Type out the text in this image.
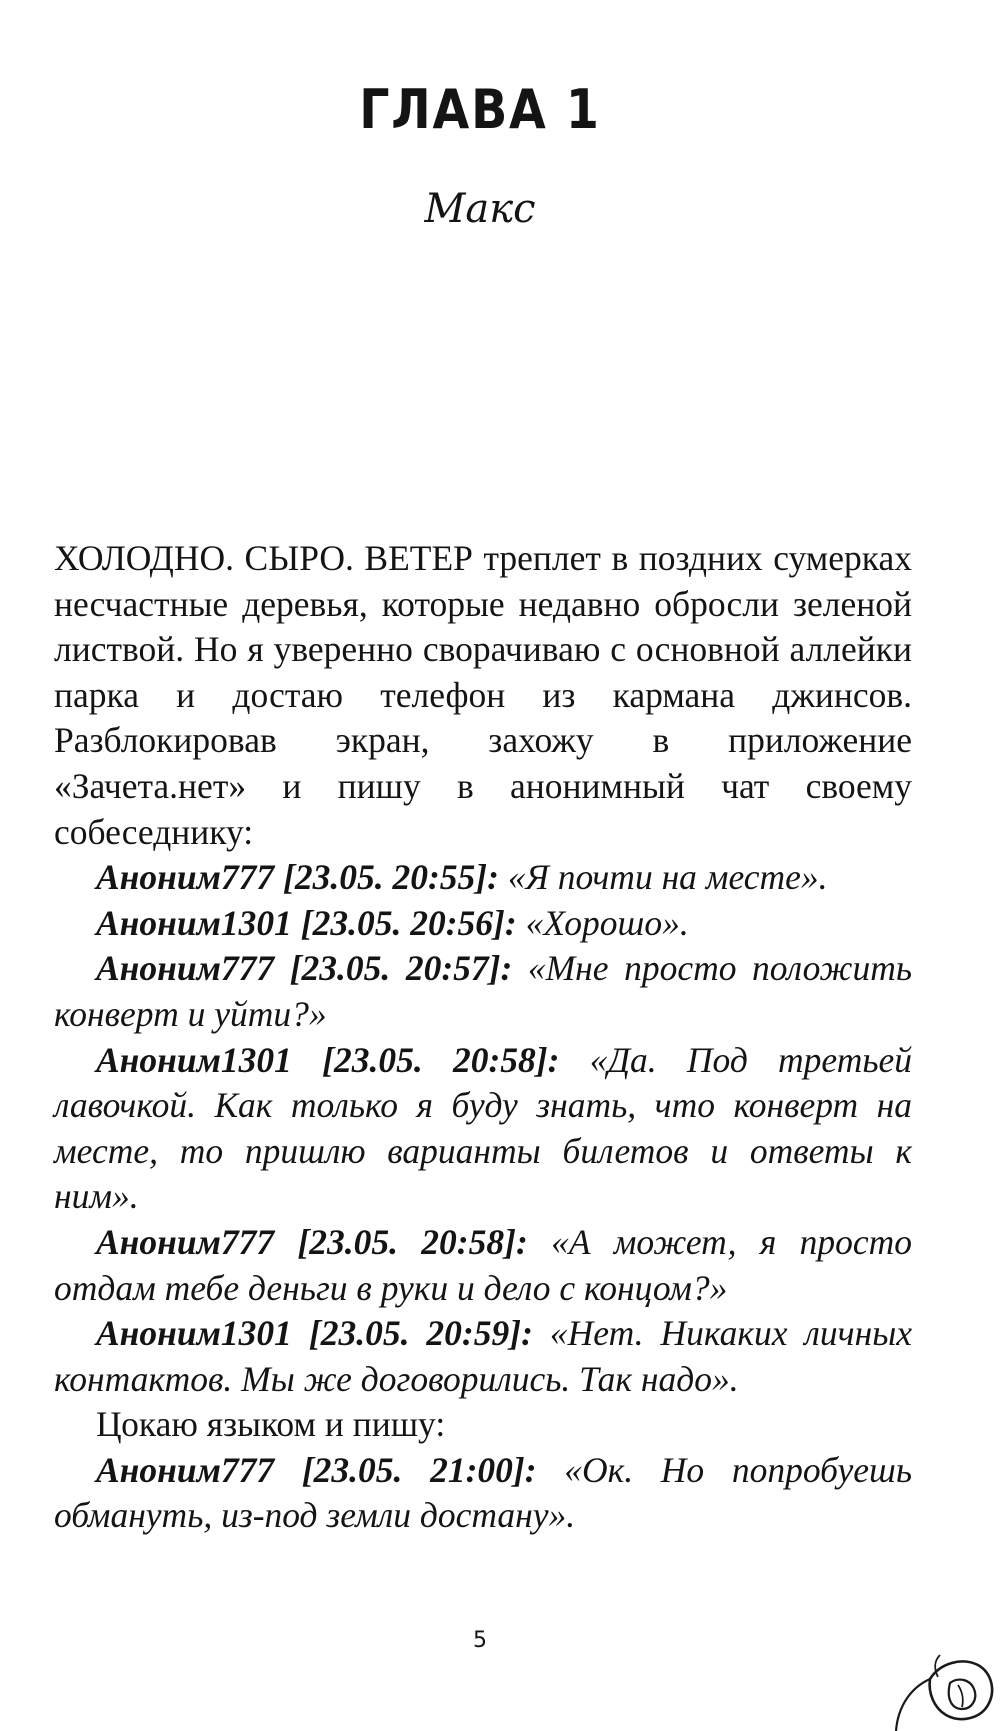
ГЛАВА 1
Макс

ХОЛОДНО. СЫРО. ВЕТЕР треплет в поздних сумерках несчастные деревья, которые недавно обросли зеленой листвой. Но я уверенно сворачиваю с основной аллейки парка и достаю телефон из кармана джинсов. Разблокировав экран, захожу в приложение «Зачета.нет» и пишу в анонимный чат своему собеседнику:

Аноним777 [23.05. 20:55]: «Я почти на месте».

Аноним1301 [23.05. 20:56]: «Хорошо».

Аноним777 [23.05. 20:57]: «Мне просто положить конверт и уйти?»

Аноним1301 [23.05. 20:58]: «Да. Под третьей лавочкой. Как только я буду знать, что конверт на месте, то пришлю варианты билетов и ответы к ним».

Аноним777 [23.05. 20:58]: «А может, я просто отдам тебе деньги в руки и дело с концом?»

Аноним1301 [23.05. 20:59]: «Нет. Никаких личных контактов. Мы же договорились. Так надо».

Цокаю языком и пишу:

Аноним777 [23.05. 21:00]: «Ок. Но попробуешь обмануть, из-под земли достану».

5
